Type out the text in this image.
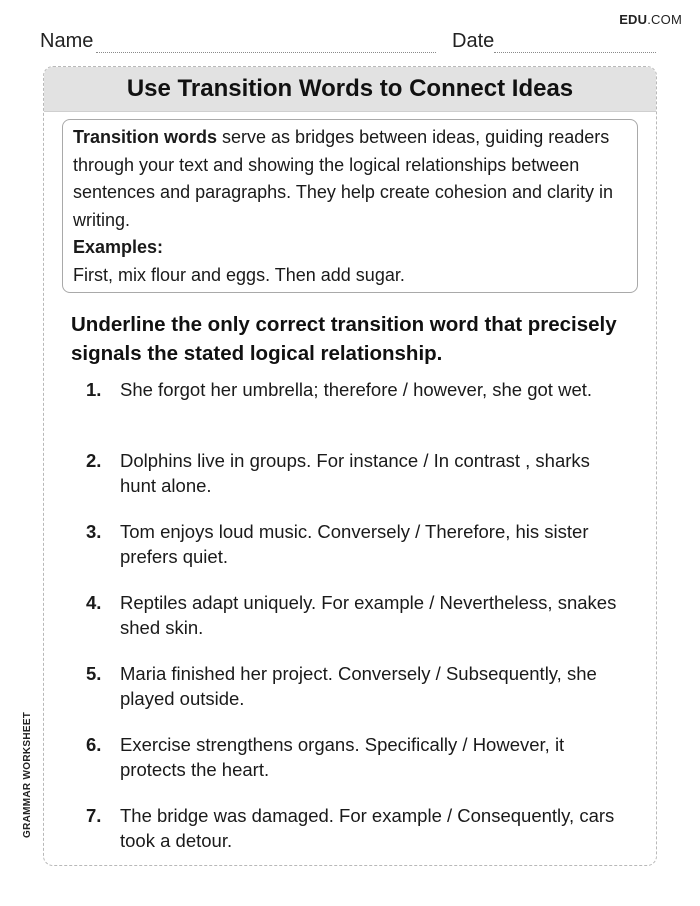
EDU.COM
Name	Date
GRAMMAR WORKSHEET
Use Transition Words to Connect Ideas

Transition words serve as bridges between ideas, guiding readers through your text and showing the logical relationships between sentences and paragraphs. They help create cohesion and clarity in writing.

Examples:

First, mix flour and eggs. Then add sugar.

Underline the only correct transition word that precisely signals the stated logical relationship.
1.	She forgot her umbrella; therefore / however, she got wet.
2.	Dolphins live in groups. For instance / In contrast , sharks hunt alone.
3.	Tom enjoys loud music. Conversely / Therefore, his sister prefers quiet.
4.	Reptiles adapt uniquely. For example / Nevertheless, snakes shed skin.
5.	Maria finished her project. Conversely / Subsequently, she played outside.
6.	Exercise strengthens organs. Specifically / However, it protects the heart.
7.	The bridge was damaged. For example / Consequently, cars took a detour.
